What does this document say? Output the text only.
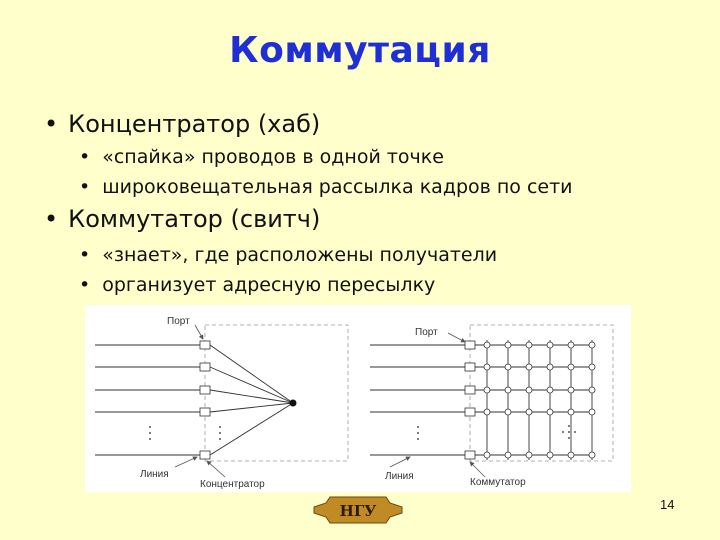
Коммутация
• Концентратор (хаб)
• «спайка» проводов в одной точке
• широковещательная рассылка кадров по сети
• Коммутатор (свитч)
• «знает», где расположены получатели
• организует адресную пересылку
Порт
Линия
Концентратор
Порт
Линия
Коммутатор
НГУ	14
